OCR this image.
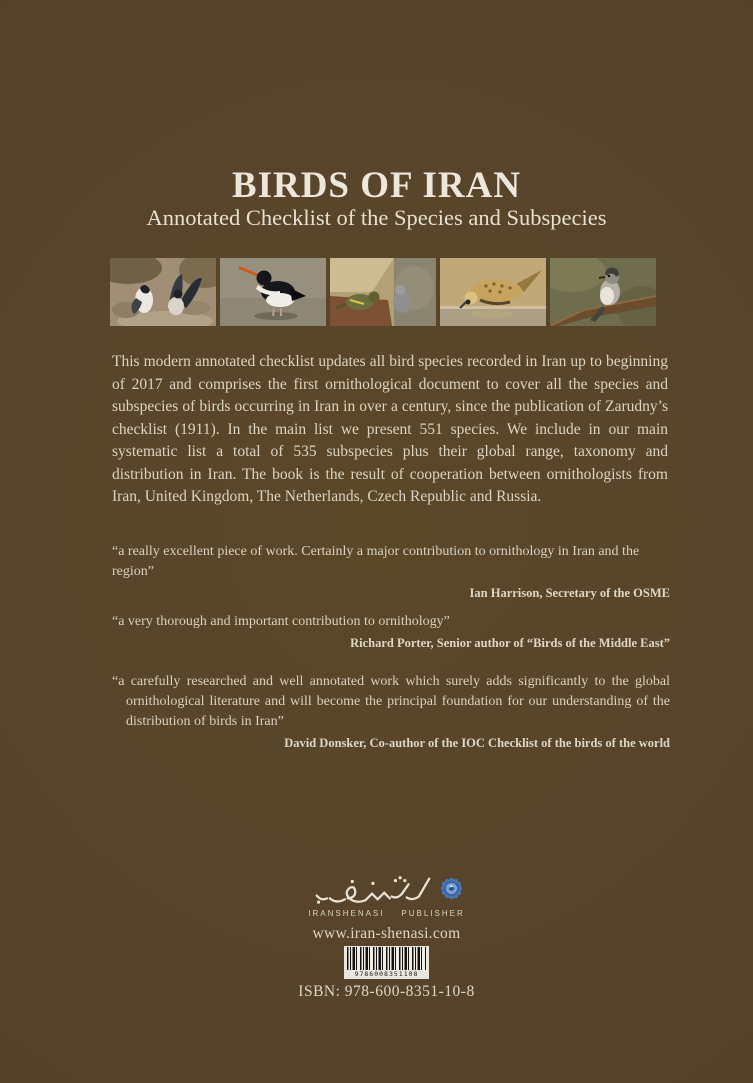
BIRDS OF IRAN
Annotated Checklist of the Species and Subspecies

This modern annotated checklist updates all bird species recorded in Iran up to beginning of 2017 and comprises the first ornithological document to cover all the species and subspecies of birds occurring in Iran in over a century, since the publication of Zarudny’s checklist (1911). In the main list we present 551 species. We include in our main systematic list a total of 535 subspecies plus their global range, taxonomy and distribution in Iran. The book is the result of cooperation between ornithologists from Iran, United Kingdom, The Netherlands, Czech Republic and Russia.

“a really excellent piece of work. Certainly a major contribution to ornithology in Iran and the region”

Ian Harrison, Secretary of the OSME

“a very thorough and important contribution to ornithology”

Richard Porter, Senior author of “Birds of the Middle East”

“a carefully researched and well annotated work which surely adds significantly to the global ornithological literature and will become the principal foundation for our understanding of the distribution of birds in Iran”

David Donsker, Co-author of the IOC Checklist of the birds of the world

IRANSHENASI PUBLISHER
www.iran-shenasi.com
9786008351108
ISBN: 978-600-8351-10-8
